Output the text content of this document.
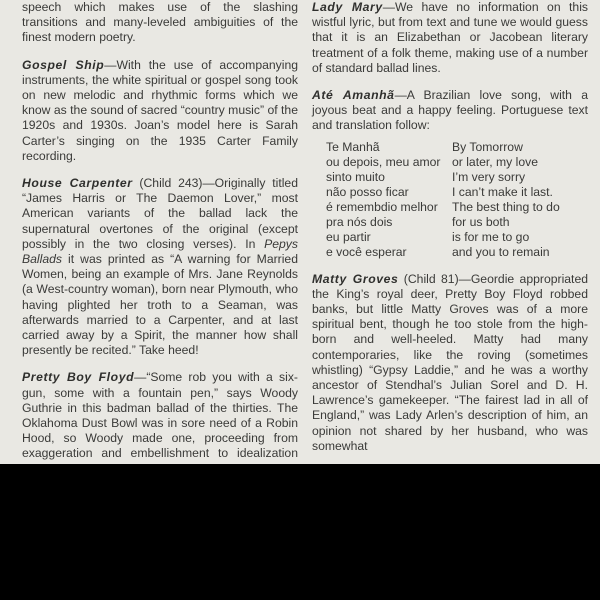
speech which makes use of the slashing transitions and many-leveled ambiguities of the finest modern poetry.

Gospel Ship—With the use of accompanying instruments, the white spiritual or gospel song took on new melodic and rhythmic forms which we know as the sound of sacred “country music” of the 1920s and 1930s. Joan’s model here is Sarah Carter’s singing on the 1935 Carter Family recording.

House Carpenter (Child 243)—Originally titled “James Harris or The Daemon Lover,” most American variants of the ballad lack the supernatural overtones of the original (except possibly in the two closing verses). In Pepys Ballads it was printed as “A warning for Married Women, being an example of Mrs. Jane Reynolds (a West-country woman), born near Plymouth, who having plighted her troth to a Seaman, was afterwards married to a Carpenter, and at last carried away by a Spirit, the manner how shall presently be recited.” Take heed!

Pretty Boy Floyd—“Some rob you with a six-gun, some with a fountain pen,” says Woody Guthrie in this badman ballad of the thirties. The Oklahoma Dust Bowl was in sore need of a Robin Hood, so Woody made one, proceeding from exaggeration and embellishment to idealization

Lady Mary—We have no information on this wistful lyric, but from text and tune we would guess that it is an Elizabethan or Jacobean literary treatment of a folk theme, making use of a number of standard ballad lines.

Até Amanhã—A Brazilian love song, with a joyous beat and a happy feeling. Portuguese text and translation follow:

Te Manhã
ou depois, meu amor
sinto muito
não posso ficar
é remembdio melhor
pra nós dois
eu partir
e você esperar
By Tomorrow
or later, my love
I’m very sorry
I can’t make it last.
The best thing to do
for us both
is for me to go
and you to remain

Matty Groves (Child 81)—Geordie appropriated the King’s royal deer, Pretty Boy Floyd robbed banks, but little Matty Groves was of a more spiritual bent, though he too stole from the high-born and well-heeled. Matty had many contemporaries, like the roving (sometimes whistling) “Gypsy Laddie,” and he was a worthy ancestor of Stendhal’s Julian Sorel and D. H. Lawrence’s gamekeeper. “The fairest lad in all of England,” was Lady Arlen’s description of him, an opinion not shared by her husband, who was somewhat
